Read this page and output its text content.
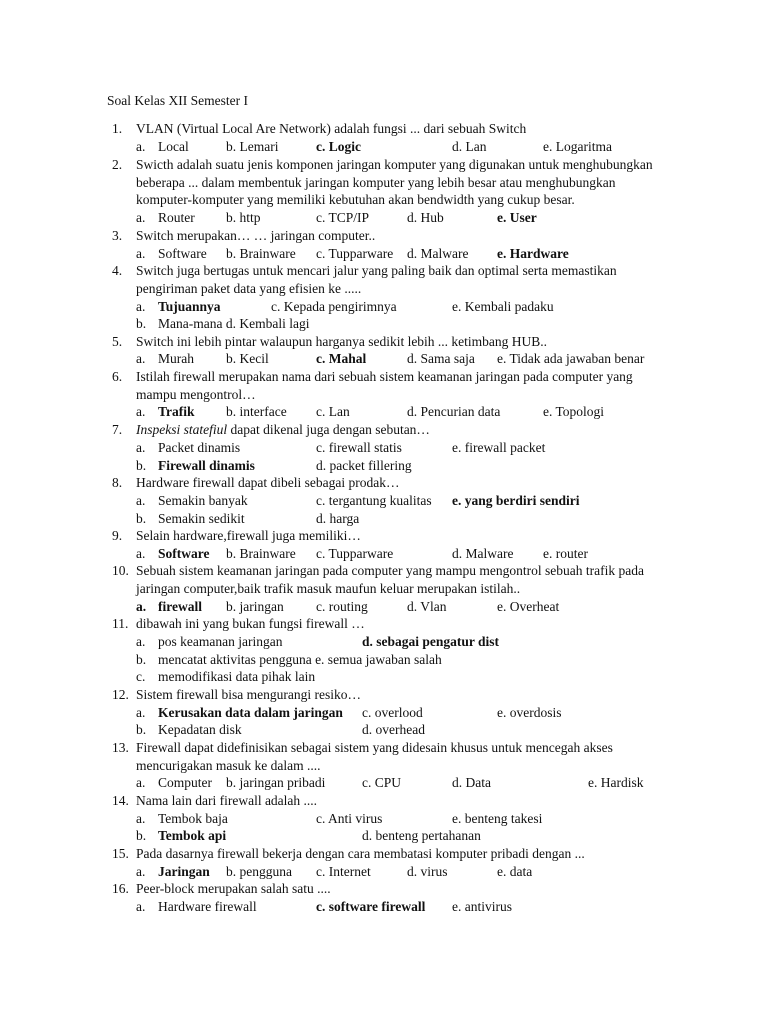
Soal Kelas XII Semester I
1. VLAN (Virtual Local Are Network) adalah fungsi ... dari sebuah Switch
a. Local	b. Lemari	c. Logic	d. Lan	e. Logaritma
2. Swicth adalah suatu jenis komponen jaringan komputer yang digunakan untuk menghubungkan
beberapa ... dalam membentuk jaringan komputer yang lebih besar atau menghubungkan
komputer-komputer yang memiliki kebutuhan akan bendwidth yang cukup besar.
a. Router b. http	c. TCP/IP	d. Hub	e. User
3. Switch merupakan… … jaringan computer..
a. Software b. Brainware c. Tupparware d. Malware e. Hardware
4. Switch juga bertugas untuk mencari jalur yang paling baik dan optimal serta memastikan
pengiriman paket data yang efisien ke .....
a. Tujuannya	c. Kepada pengirimnya	e. Kembali padaku
b. Mana-mana d. Kembali lagi
5. Switch ini lebih pintar walaupun harganya sedikit lebih ... ketimbang HUB..
a. Murah b. Kecil	c. Mahal	d. Sama saja e. Tidak ada jawaban benar
6. Istilah firewall merupakan nama dari sebuah sistem keamanan jaringan pada computer yang
mampu mengontrol…
a. Trafik b. interface c. Lan	d. Pencurian data	e. Topologi
7. Inspeksi statefiul dapat dikenal juga dengan sebutan…
a. Packet dinamis	c. firewall statis	e. firewall packet
b. Firewall dinamis	d. packet fillering
8. Hardware firewall dapat dibeli sebagai prodak…
a. Semakin banyak	c. tergantung kualitas e. yang berdiri sendiri
b. Semakin sedikit	d. harga
9. Selain hardware,firewall juga memiliki…
a. Software b. Brainware c. Tupparware	d. Malware e. router
10. Sebuah sistem keamanan jaringan pada computer yang mampu mengontrol sebuah trafik pada
jaringan computer,baik trafik masuk maufun keluar merupakan istilah..
a. firewall b. jaringan c. routing	d. Vlan	e. Overheat
11. dibawah ini yang bukan fungsi firewall …
a. pos keamanan jaringan	d. sebagai pengatur dist
b. mencatat aktivitas pengguna e. semua jawaban salah
c. memodifikasi data pihak lain
12. Sistem firewall bisa mengurangi resiko…
a. Kerusakan data dalam jaringan c. overlood	e. overdosis
b. Kepadatan disk	d. overhead
13. Firewall dapat didefinisikan sebagai sistem yang didesain khusus untuk mencegah akses
mencurigakan masuk ke dalam ....
a. Computer b. jaringan pribadi	c. CPU	d. Data	e. Hardisk
14. Nama lain dari firewall adalah ....
a. Tembok baja	c. Anti virus	e. benteng takesi
b. Tembok api	d. benteng pertahanan
15. Pada dasarnya firewall bekerja dengan cara membatasi komputer pribadi dengan ...
a. Jaringan b. pengguna c. Internet	d. virus	e. data
16. Peer-block merupakan salah satu ....
a. Hardware firewall	c. software firewall e. antivirus
